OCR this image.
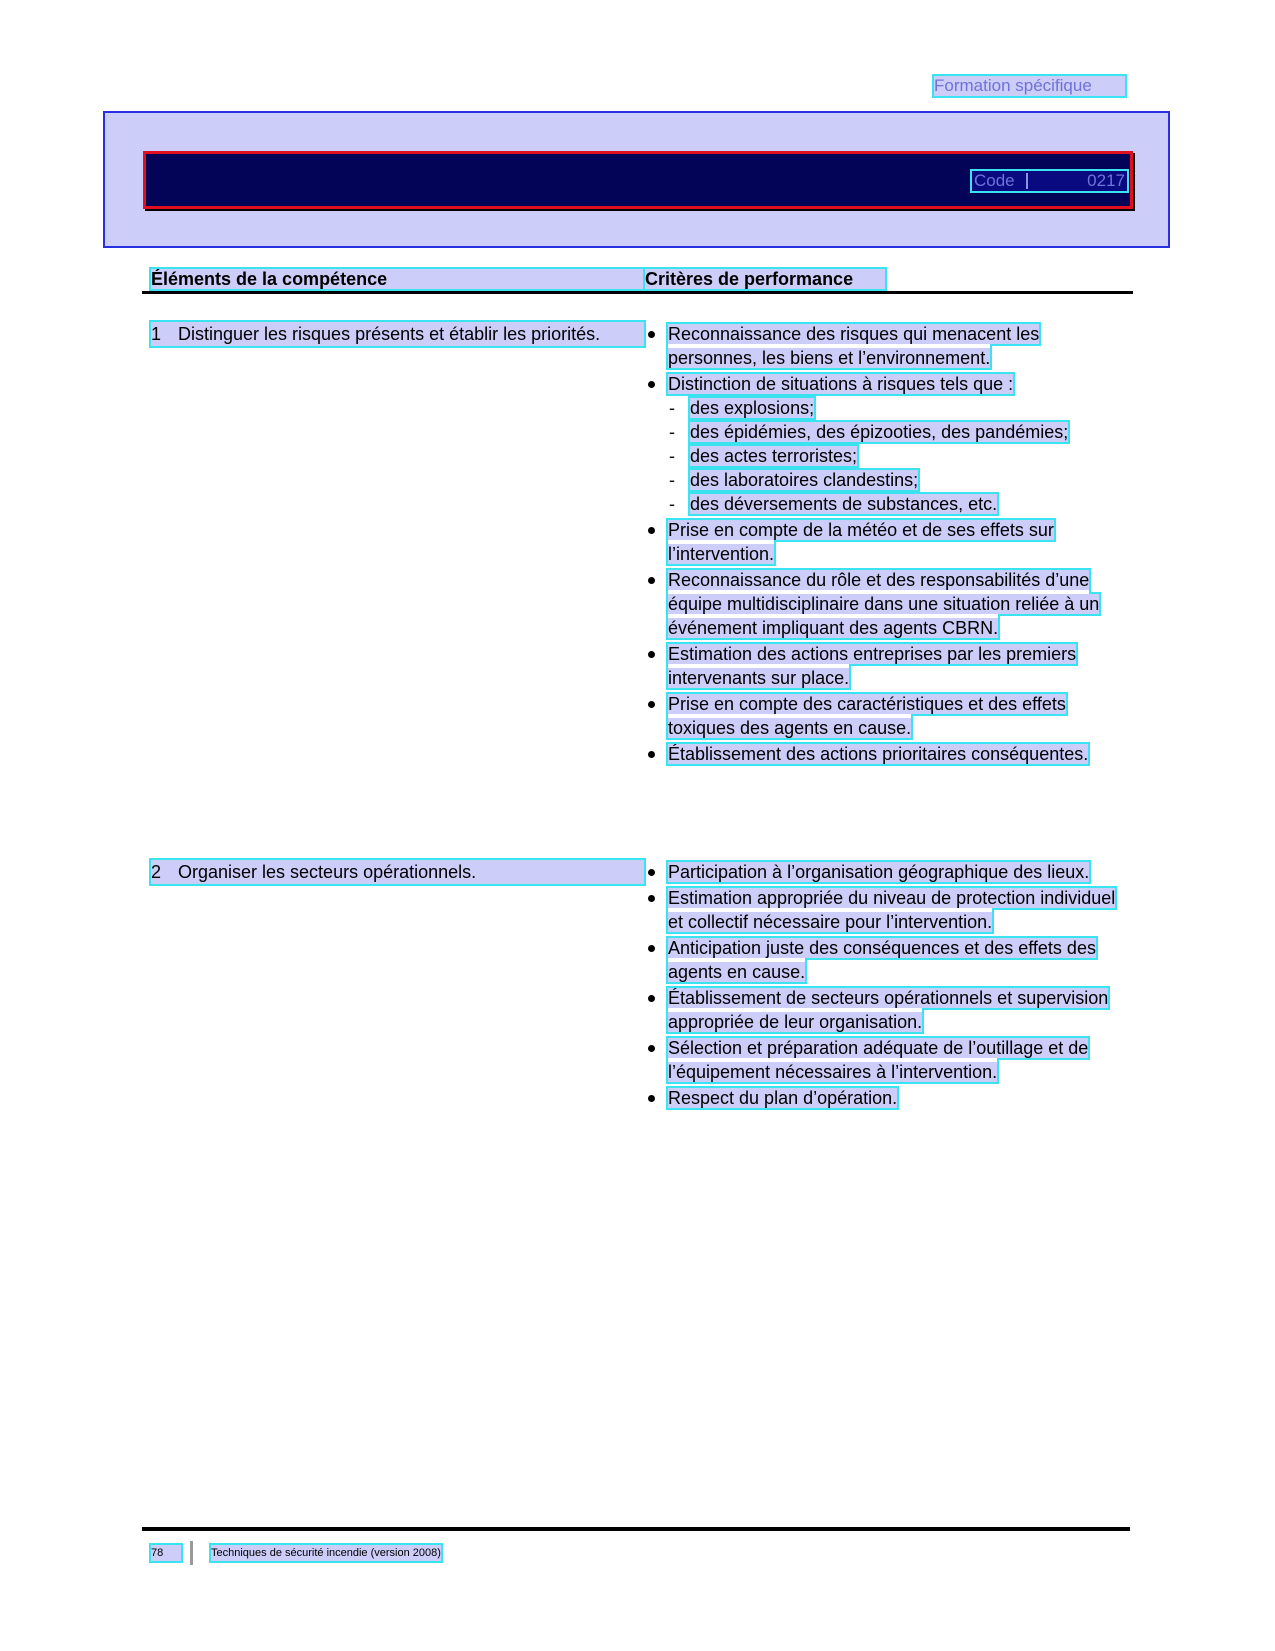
Formation spécifique
Code	0217
Éléments de la compétence	Critères de performance
1 Distinguer les risques présents et établir les priorités.	Reconnaissance des risques qui menacent les personnes, les biens et l’environnement.
Distinction de situations à risques tels que :
- des explosions;
- des épidémies, des épizooties, des pandémies;
- des actes terroristes;
- des laboratoires clandestins;
- des déversements de substances, etc.
Prise en compte de la météo et de ses effets sur l’intervention.
Reconnaissance du rôle et des responsabilités d’une équipe multidisciplinaire dans une situation reliée à un événement impliquant des agents CBRN.
Estimation des actions entreprises par les premiers intervenants sur place.
Prise en compte des caractéristiques et des effets toxiques des agents en cause.
Établissement des actions prioritaires conséquentes.
2 Organiser les secteurs opérationnels.	Participation à l’organisation géographique des lieux.
Estimation appropriée du niveau de protection individuel et collectif nécessaire pour l’intervention.
Anticipation juste des conséquences et des effets des agents en cause.
Établissement de secteurs opérationnels et supervision appropriée de leur organisation.
Sélection et préparation adéquate de l’outillage et de l’équipement nécessaires à l’intervention.
Respect du plan d’opération.
78	Techniques de sécurité incendie (version 2008)
